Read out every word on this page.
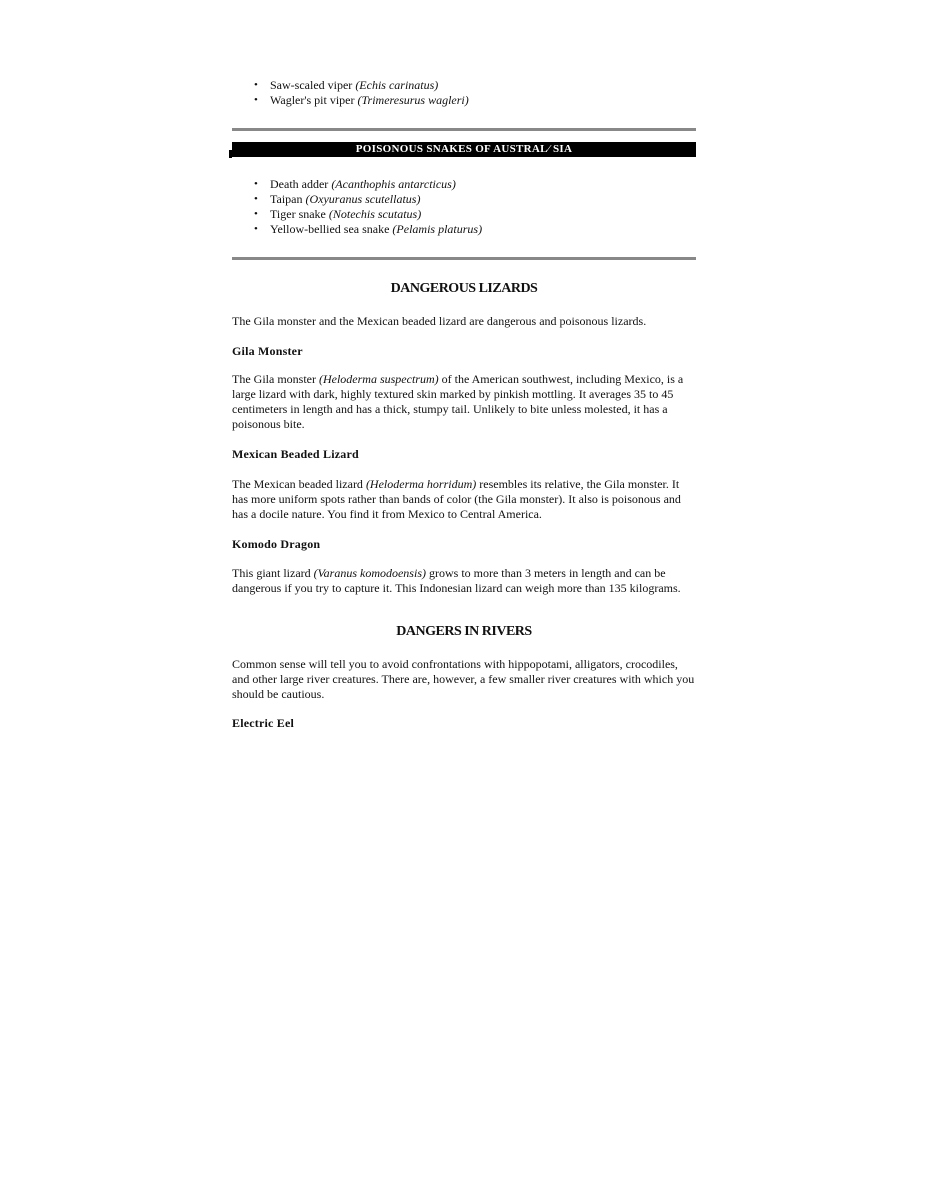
• Saw-scaled viper (Echis carinatus)
• Wagler's pit viper (Trimeresurus wagleri)
POISONOUS SNAKES OF AUSTRAL⁄ SIA
• Death adder (Acanthophis antarcticus)
• Taipan (Oxyuranus scutellatus)
• Tiger snake (Notechis scutatus)
• Yellow-bellied sea snake (Pelamis platurus)
DANGEROUS LIZARDS
The Gila monster and the Mexican beaded lizard are dangerous and poisonous lizards.
Gila Monster
The Gila monster (Heloderma suspectrum) of the American southwest, including Mexico, is a large lizard with dark, highly textured skin marked by pinkish mottling. It averages 35 to 45 centimeters in length and has a thick, stumpy tail. Unlikely to bite unless molested, it has a poisonous bite.
Mexican Beaded Lizard
The Mexican beaded lizard (Heloderma horridum) resembles its relative, the Gila monster. It has more uniform spots rather than bands of color (the Gila monster). It also is poisonous and has a docile nature. You find it from Mexico to Central America.
Komodo Dragon
This giant lizard (Varanus komodoensis) grows to more than 3 meters in length and can be dangerous if you try to capture it. This Indonesian lizard can weigh more than 135 kilograms.
DANGERS IN RIVERS
Common sense will tell you to avoid confrontations with hippopotami, alligators, crocodiles, and other large river creatures. There are, however, a few smaller river creatures with which you should be cautious.
Electric Eel
